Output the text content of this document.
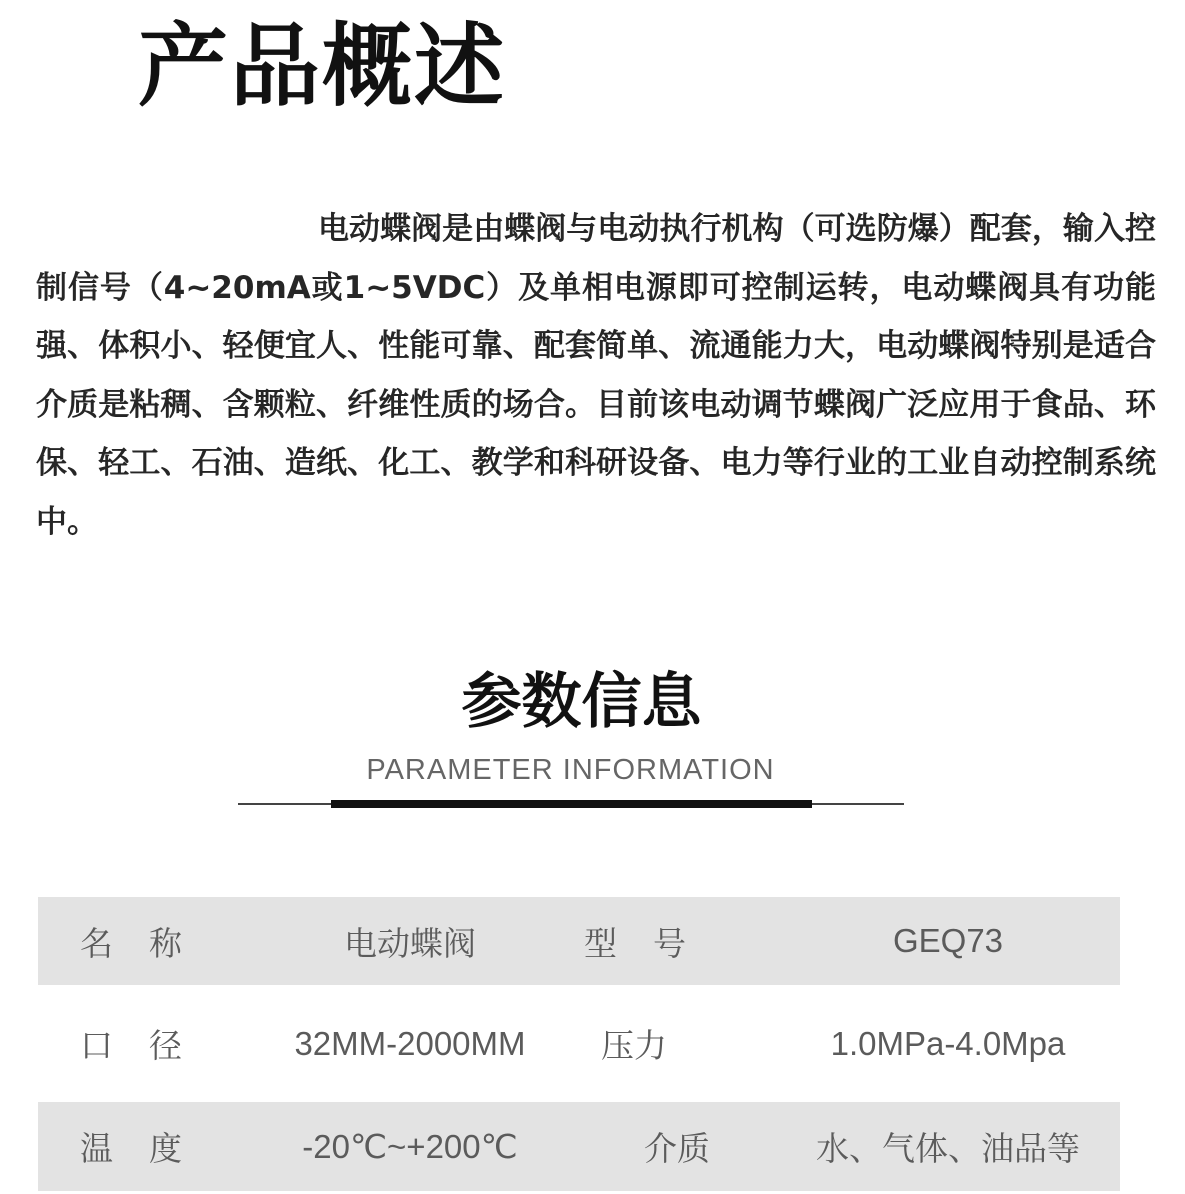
产品概述

电动蝶阀是由蝶阀与电动执行机构（可选防爆）配套，输入控制信号（4~20mA或1~5VDC）及单相电源即可控制运转，电动蝶阀具有功能强、体积小、轻便宜人、性能可靠、配套简单、流通能力大，电动蝶阀特别是适合介质是粘稠、含颗粒、纤维性质的场合。目前该电动调节蝶阀广泛应用于食品、环保、轻工、石油、造纸、化工、教学和科研设备、电力等行业的工业自动控制系统中。

参数信息
PARAMETER INFORMATION
名称	电动蝶阀	型号	GEQ73
口径 32MM-2000MM 压力	1.0MPa-4.0Mpa
温度	-20℃~+200℃	介质	水、气体、油品等
